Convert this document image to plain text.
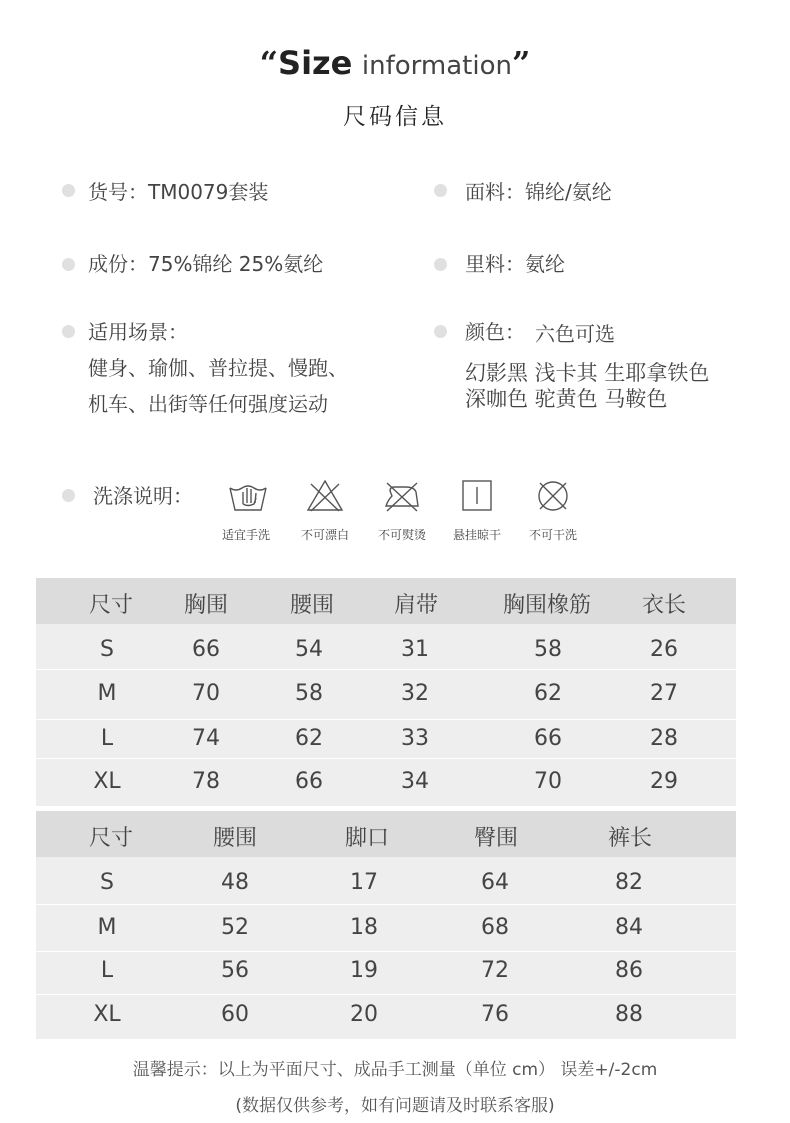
“Size information”
尺码信息
货号：TM0079套装	面料：锦纶/氨纶
成份：75%锦纶 25%氨纶	里料：氨纶
适用场景：
健身、瑜伽、普拉提、慢跑、
机车、出街等任何强度运动
颜色： 六色可选
幻影黑 浅卡其 生耶拿铁色
深咖色 驼黄色 马鞍色
洗涤说明：
适宜手洗	不可漂白	不可熨烫	悬挂晾干	不可干洗
尺寸 胸围	腰围	肩带	胸围橡筋 衣长
S	66	54	31	58	26
M	70	58	32	62	27
L	74	62	33	66	28
XL	78	66	34	70	29
尺寸	腰围	脚口	臀围	裤长
S	48	17	64	82
M	52	18	68	84
L	56	19	72	86
XL	60	20	76	88
温馨提示：以上为平面尺寸、成品手工测量（单位 cm） 误差+/-2cm
(数据仅供参考，如有问题请及时联系客服)
